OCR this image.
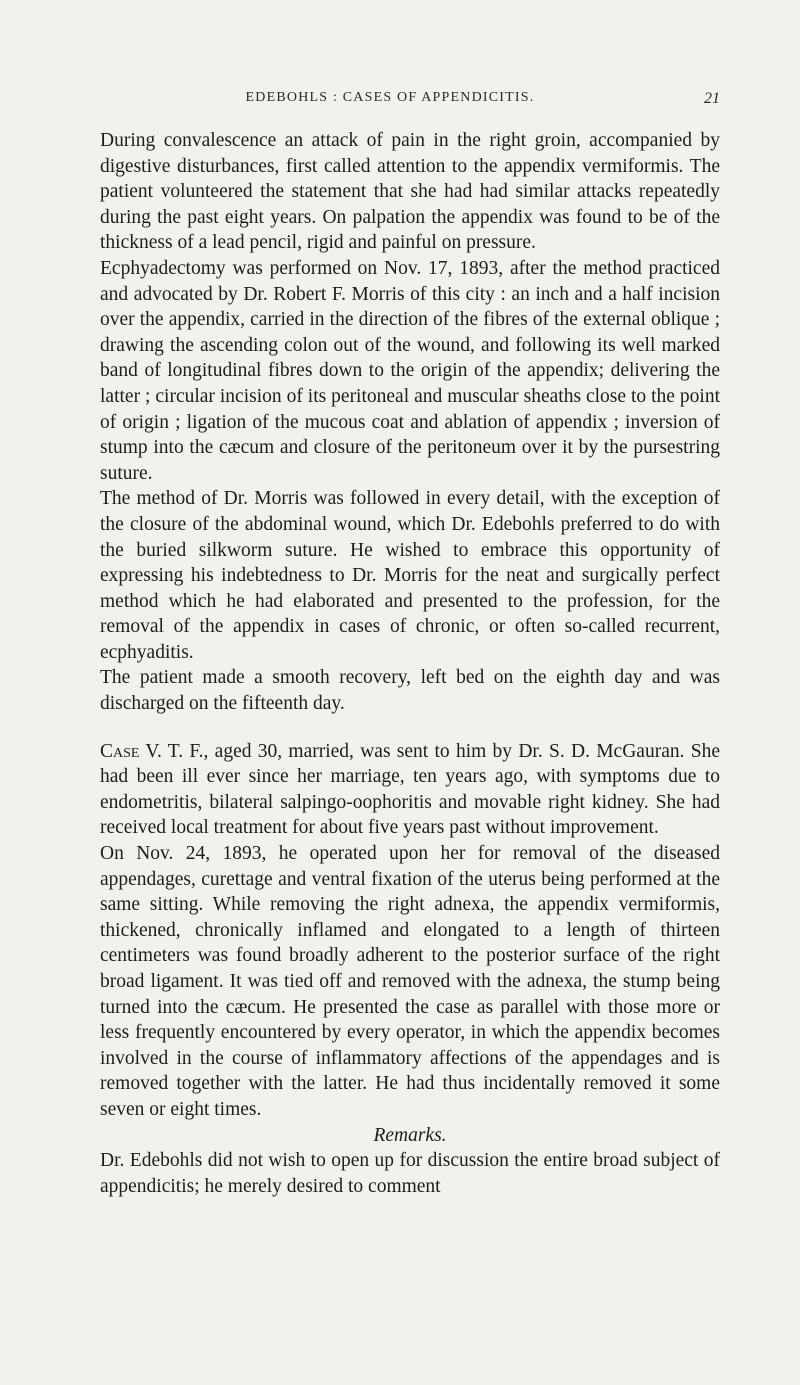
EDEBOHLS : CASES OF APPENDICITIS.	21

During convalescence an attack of pain in the right groin, accompanied by digestive disturbances, first called attention to the appendix vermiformis. The patient volunteered the statement that she had had similar attacks repeatedly during the past eight years. On palpation the appendix was found to be of the thickness of a lead pencil, rigid and painful on pressure.

Ecphyadectomy was performed on Nov. 17, 1893, after the method practiced and advocated by Dr. Robert F. Morris of this city : an inch and a half incision over the appendix, carried in the direction of the fibres of the external oblique ; drawing the ascending colon out of the wound, and following its well marked band of longitudinal fibres down to the origin of the appendix; delivering the latter ; circular incision of its peritoneal and muscular sheaths close to the point of origin ; ligation of the mucous coat and ablation of appendix ; inversion of stump into the cæcum and closure of the peritoneum over it by the pursestring suture.

The method of Dr. Morris was followed in every detail, with the exception of the closure of the abdominal wound, which Dr. Edebohls preferred to do with the buried silkworm suture. He wished to embrace this opportunity of expressing his indebtedness to Dr. Morris for the neat and surgically perfect method which he had elaborated and presented to the profession, for the removal of the appendix in cases of chronic, or often so-called recurrent, ecphyaditis.

The patient made a smooth recovery, left bed on the eighth day and was discharged on the fifteenth day.

Case V. T. F., aged 30, married, was sent to him by Dr. S. D. McGauran. She had been ill ever since her marriage, ten years ago, with symptoms due to endometritis, bilateral salpingo-oophoritis and movable right kidney. She had received local treatment for about five years past without improvement.

On Nov. 24, 1893, he operated upon her for removal of the diseased appendages, curettage and ventral fixation of the uterus being performed at the same sitting. While removing the right adnexa, the appendix vermiformis, thickened, chronically inflamed and elongated to a length of thirteen centimeters was found broadly adherent to the posterior surface of the right broad ligament. It was tied off and removed with the adnexa, the stump being turned into the cæcum. He presented the case as parallel with those more or less frequently encountered by every operator, in which the appendix becomes involved in the course of inflammatory affections of the appendages and is removed together with the latter. He had thus incidentally removed it some seven or eight times.

Remarks.

Dr. Edebohls did not wish to open up for discussion the entire broad subject of appendicitis; he merely desired to comment
